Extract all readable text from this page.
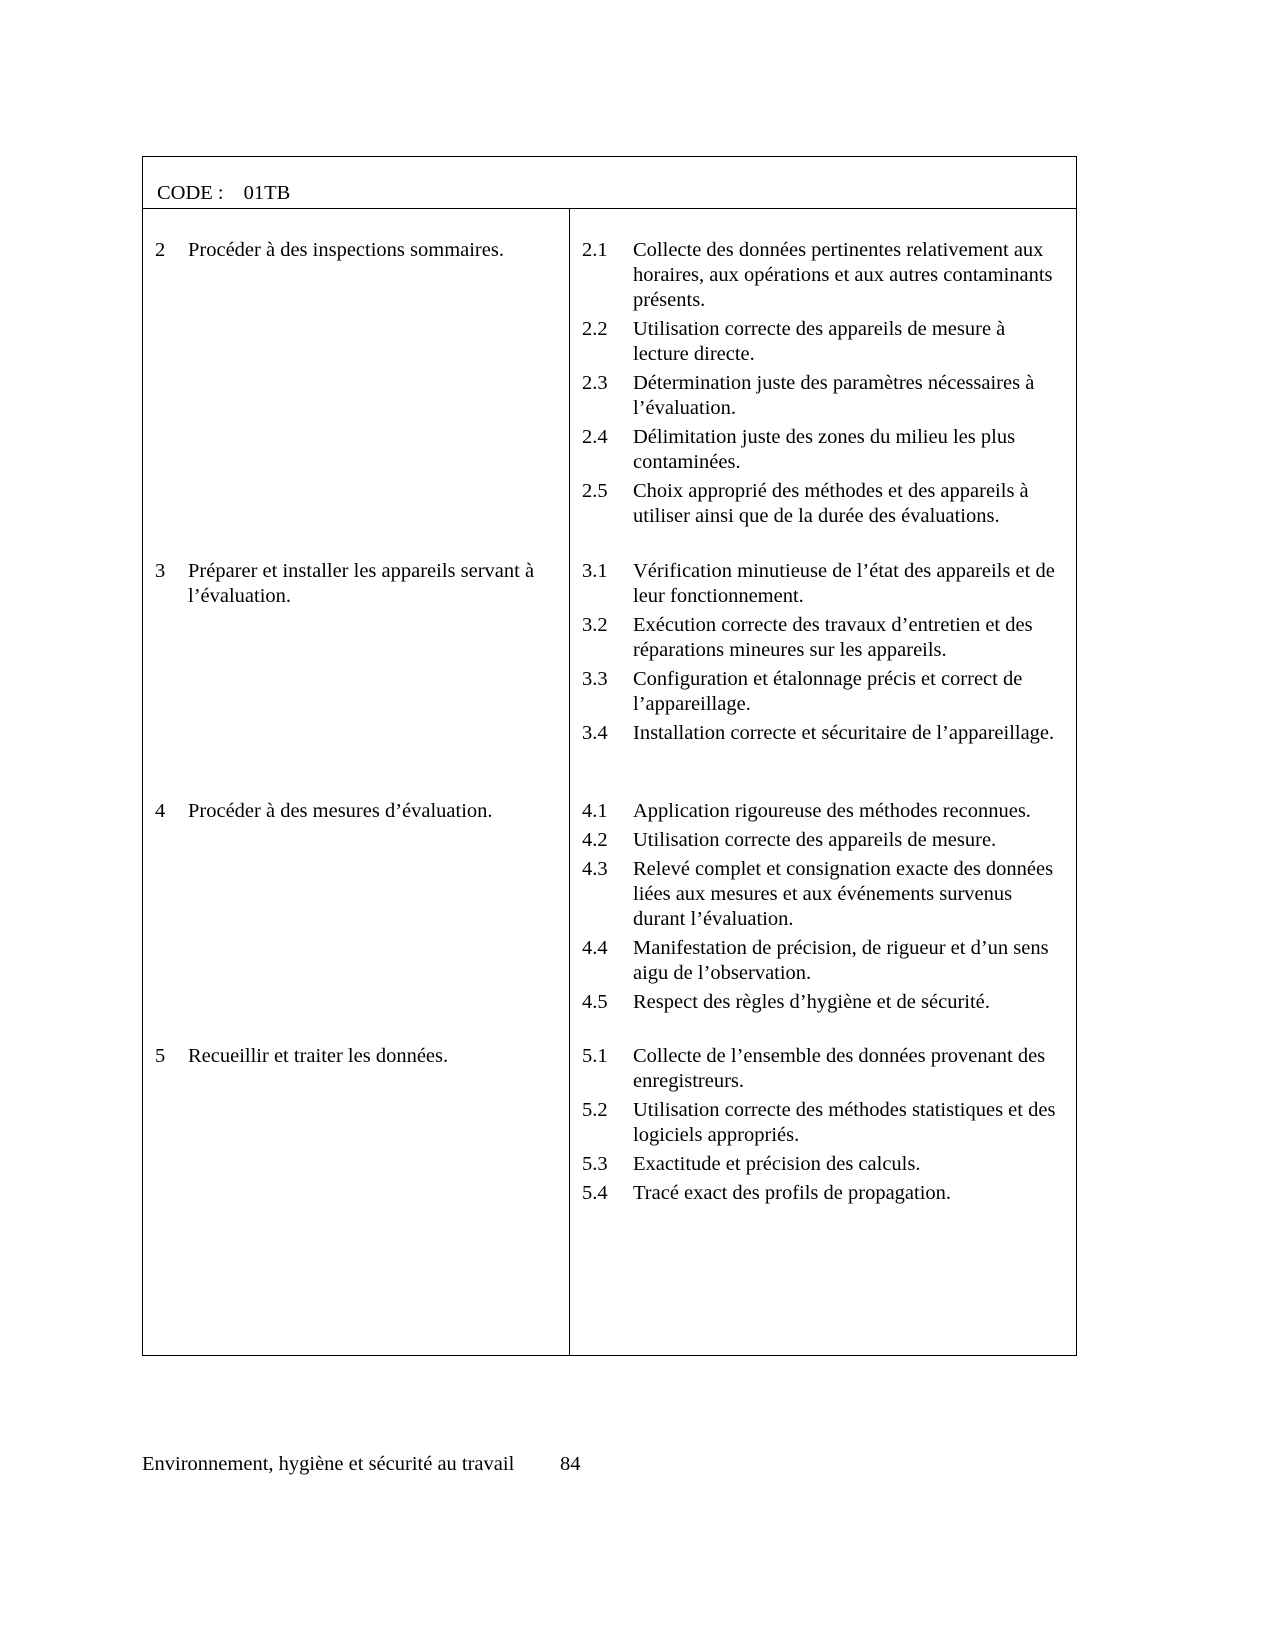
CODE : 01TB
2 Procéder à des inspections sommaires.	2.1 Collecte des données pertinentes relativement aux horaires, aux opérations et aux autres contaminants présents.
2.2 Utilisation correcte des appareils de mesure à lecture directe.
2.3 Détermination juste des paramètres nécessaires à l’évaluation.
2.4 Délimitation juste des zones du milieu les plus contaminées.
2.5 Choix approprié des méthodes et des appareils à utiliser ainsi que de la durée des évaluations.
3 Préparer et installer les appareils servant à l’évaluation.
3.1 Vérification minutieuse de l’état des appareils et de leur fonctionnement.
3.2 Exécution correcte des travaux d’entretien et des réparations mineures sur les appareils.
3.3 Configuration et étalonnage précis et correct de l’appareillage.
3.4 Installation correcte et sécuritaire de l’appareillage.
4 Procéder à des mesures d’évaluation.	4.1 Application rigoureuse des méthodes reconnues.
4.2 Utilisation correcte des appareils de mesure.
4.3 Relevé complet et consignation exacte des données liées aux mesures et aux événements survenus durant l’évaluation.
4.4 Manifestation de précision, de rigueur et d’un sens aigu de l’observation.
4.5 Respect des règles d’hygiène et de sécurité.
5 Recueillir et traiter les données.	5.1 Collecte de l’ensemble des données provenant des enregistreurs.
5.2 Utilisation correcte des méthodes statistiques et des logiciels appropriés.
5.3 Exactitude et précision des calculs.
5.4 Tracé exact des profils de propagation.
Environnement, hygiène et sécurité au travail 84
